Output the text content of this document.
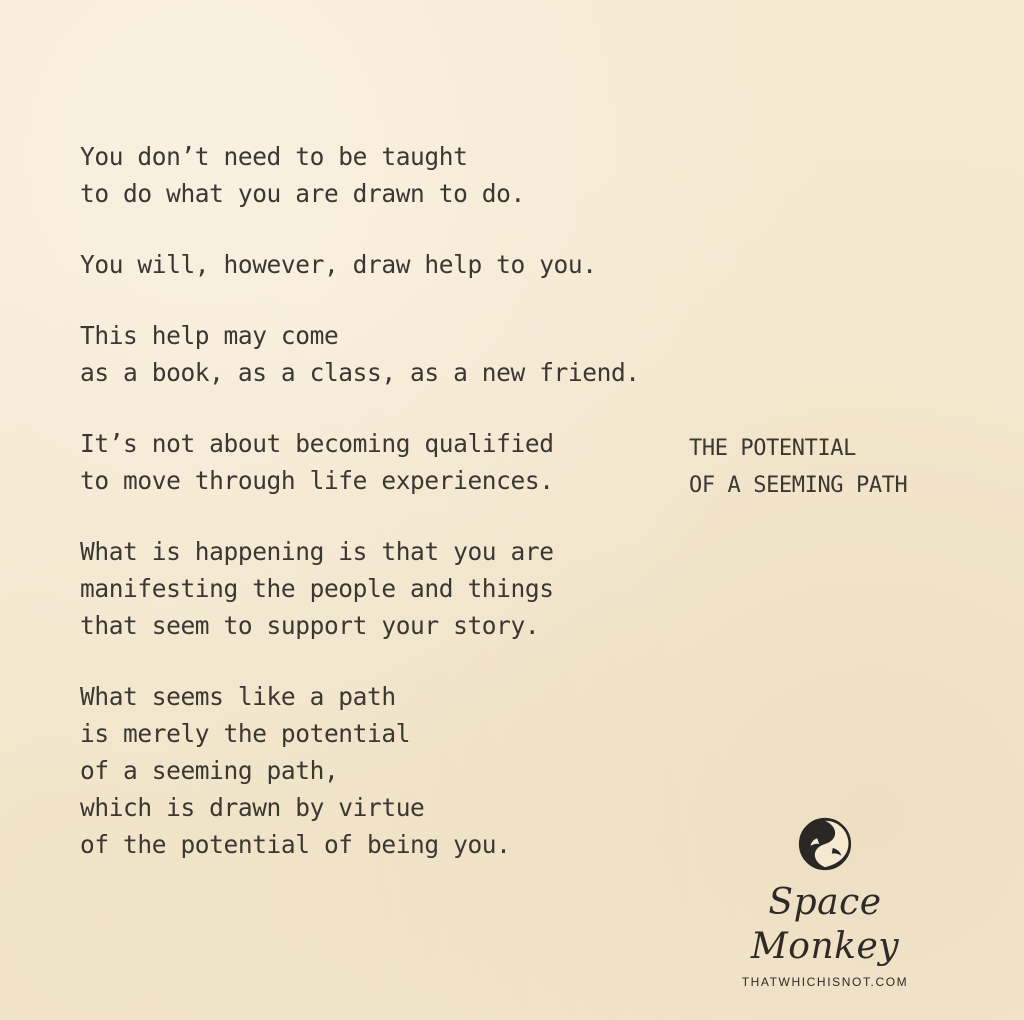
You don’t need to be taught
to do what you are drawn to do.
You will, however, draw help to you.
This help may come
as a book, as a class, as a new friend.
It’s not about becoming qualified
to move through life experiences.
What is happening is that you are
manifesting the people and things
that seem to support your story.
What seems like a path
is merely the potential
of a seeming path,
which is drawn by virtue
of the potential of being you.
THE POTENTIAL
OF A SEEMING PATH
Space Monkey
THATWHICHISNOT.COM
